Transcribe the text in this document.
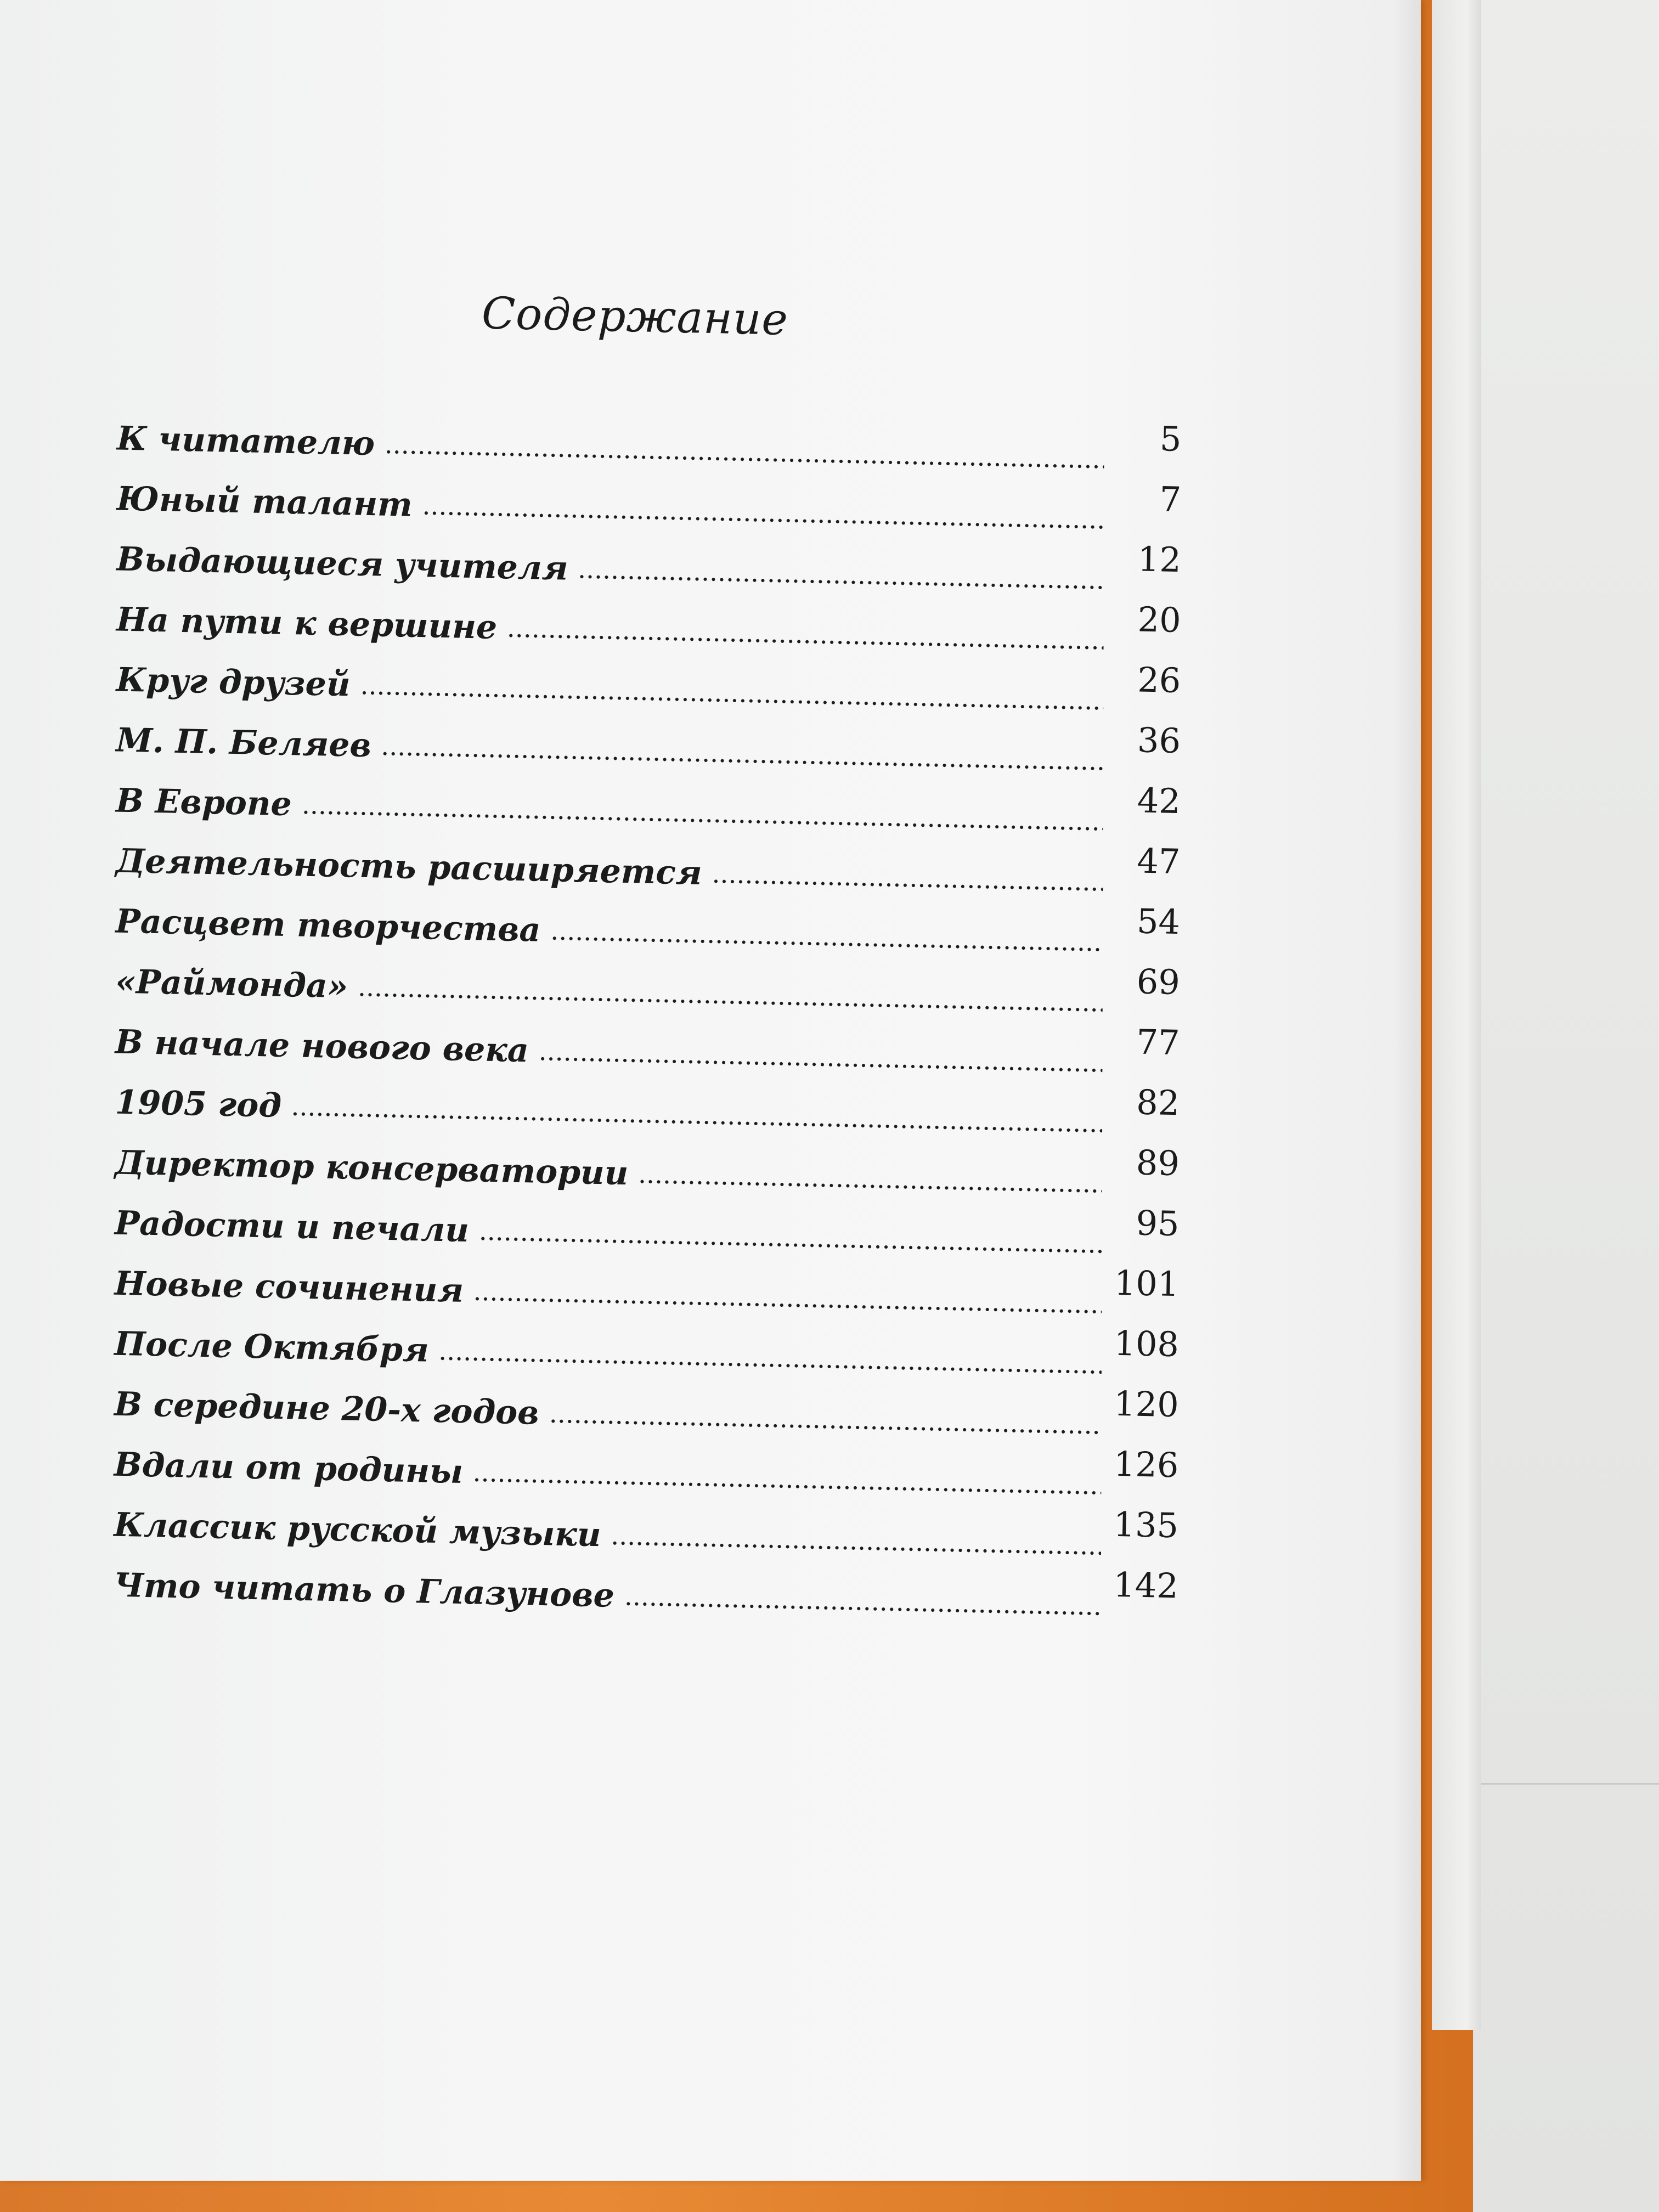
Содержание
К читателю	5
Юный талант	7
Выдающиеся учителя	12
На пути к вершине	20
Круг друзей	26
М. П. Беляев	36
В Европе	42
Деятельность расширяется	47
Расцвет творчества	54
«Раймонда»	69
В начале нового века	77
1905 год	82
Директор консерватории	89
Радости и печали	95
Новые сочинения	101
После Октября	108
В середине 20-х годов	120
Вдали от родины	126
Классик русской музыки	135
Что читать о Глазунове	142
